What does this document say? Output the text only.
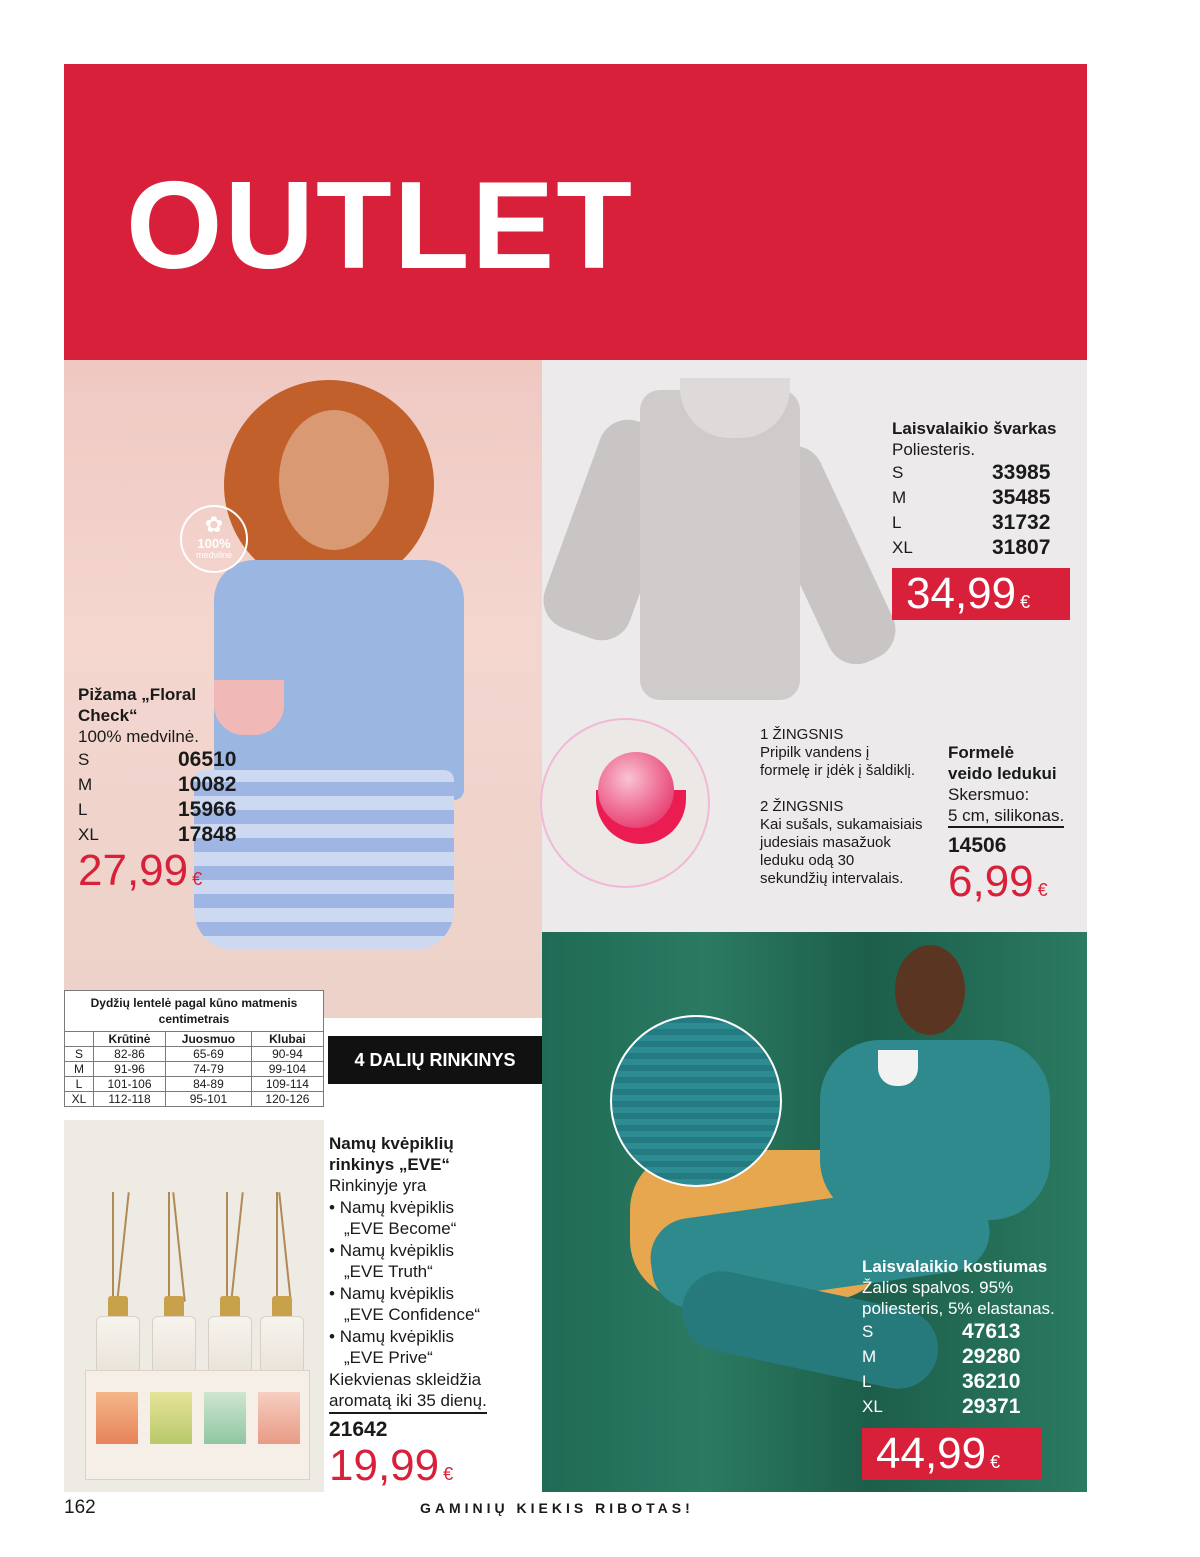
OUTLET
✿
100%
medvilnė
Pižama „Floral
Check“
100% medvilnė.
S	06510
M	10082
L	15966
XL	17848
27,99 €
Laisvalaikio švarkas
Poliesteris.
S	33985
M	35485
L	31732
XL	31807
34,99 €
1 ŽINGSNIS
Pripilk vandens į
formelę ir įdėk į šaldiklį.
2 ŽINGSNIS
Kai sušals, sukamaisiais
judesiais masažuok
leduku odą 30
sekundžių intervalais.
Formelė
veido ledukui
Skersmuo:
5 cm, silikonas.
14506
6,99 €
Dydžių lentelė pagal kūno matmenis
centimetrais			
	Krūtinė	Juosmuo	Klubai
S	82-86	65-69	90-94
M	91-96	74-79	99-104
L	101-106	84-89	109-114
XL	112-118	95-101	120-126
4 DALIŲ RINKINYS
Namų kvėpiklių
rinkinys „EVE“
Rinkinyje yra
• Namų kvėpiklis
„EVE Become“
• Namų kvėpiklis
„EVE Truth“
• Namų kvėpiklis
„EVE Confidence“
• Namų kvėpiklis
„EVE Prive“
Kiekvienas skleidžia
aromatą iki 35 dienų.
21642
19,99 €
Laisvalaikio kostiumas
Žalios spalvos. 95%
poliesteris, 5% elastanas.
S	47613
M	29280
L	36210
XL	29371
44,99 €
162	GAMINIŲ KIEKIS RIBOTAS!
